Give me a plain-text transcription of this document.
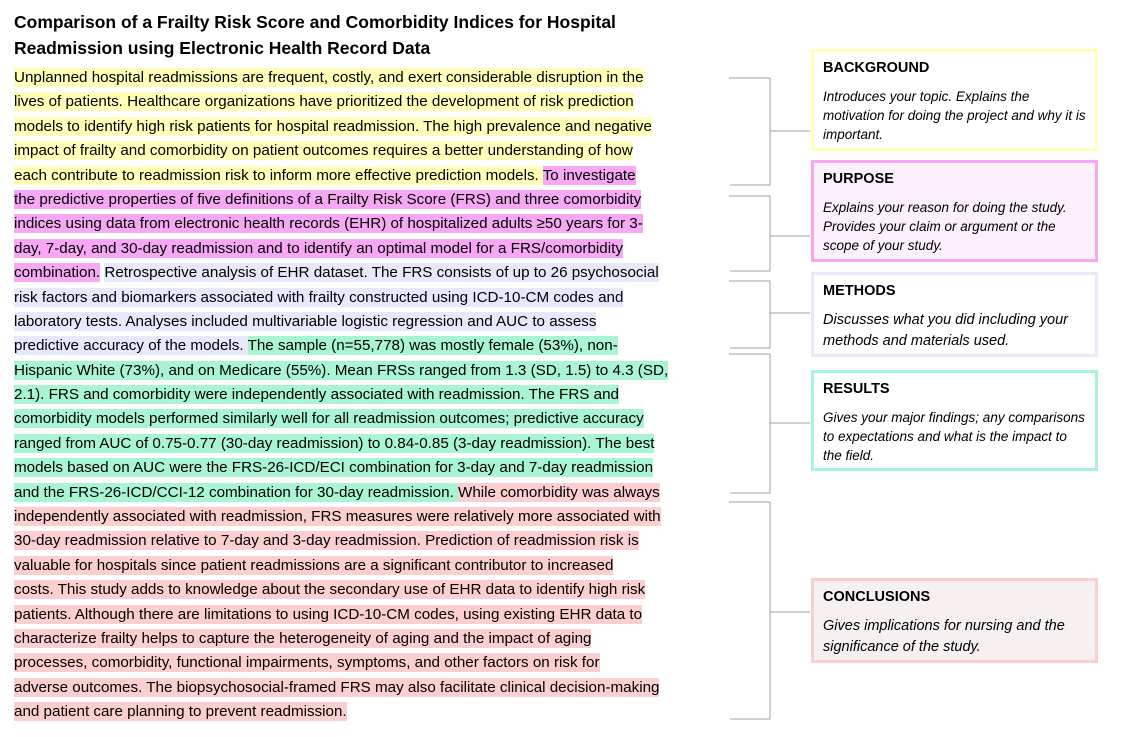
Comparison of a Frailty Risk Score and Comorbidity Indices for Hospital Readmission using Electronic Health Record Data
Unplanned hospital readmissions are frequent, costly, and exert considerable disruption in the
lives of patients. Healthcare organizations have prioritized the development of risk prediction
models to identify high risk patients for hospital readmission. The high prevalence and negative
impact of frailty and comorbidity on patient outcomes requires a better understanding of how
each contribute to readmission risk to inform more effective prediction models. To investigate
the predictive properties of five definitions of a Frailty Risk Score (FRS) and three comorbidity
indices using data from electronic health records (EHR) of hospitalized adults ≥50 years for 3-
day, 7-day, and 30-day readmission and to identify an optimal model for a FRS/comorbidity
combination. Retrospective analysis of EHR dataset. The FRS consists of up to 26 psychosocial
risk factors and biomarkers associated with frailty constructed using ICD-10-CM codes and
laboratory tests. Analyses included multivariable logistic regression and AUC to assess
predictive accuracy of the models. The sample (n=55,778) was mostly female (53%), non-
Hispanic White (73%), and on Medicare (55%). Mean FRSs ranged from 1.3 (SD, 1.5) to 4.3 (SD,
2.1). FRS and comorbidity were independently associated with readmission. The FRS and
comorbidity models performed similarly well for all readmission outcomes; predictive accuracy
ranged from AUC of 0.75-0.77 (30-day readmission) to 0.84-0.85 (3-day readmission). The best
models based on AUC were the FRS-26-ICD/ECI combination for 3-day and 7-day readmission
and the FRS-26-ICD/CCI-12 combination for 30-day readmission. While comorbidity was always
independently associated with readmission, FRS measures were relatively more associated with
30-day readmission relative to 7-day and 3-day readmission. Prediction of readmission risk is
valuable for hospitals since patient readmissions are a significant contributor to increased
costs. This study adds to knowledge about the secondary use of EHR data to identify high risk
patients. Although there are limitations to using ICD-10-CM codes, using existing EHR data to
characterize frailty helps to capture the heterogeneity of aging and the impact of aging
processes, comorbidity, functional impairments, symptoms, and other factors on risk for
adverse outcomes. The biopsychosocial-framed FRS may also facilitate clinical decision-making
and patient care planning to prevent readmission.
BACKGROUND
Introduces your topic. Explains the motivation for doing the project and why it is important.
PURPOSE
Explains your reason for doing the study. Provides your claim or argument or the scope of your study.
METHODS
Discusses what you did including your methods and materials used.
RESULTS
Gives your major findings; any comparisons to expectations and what is the impact to the field.
CONCLUSIONS
Gives implications for nursing and the significance of the study.
